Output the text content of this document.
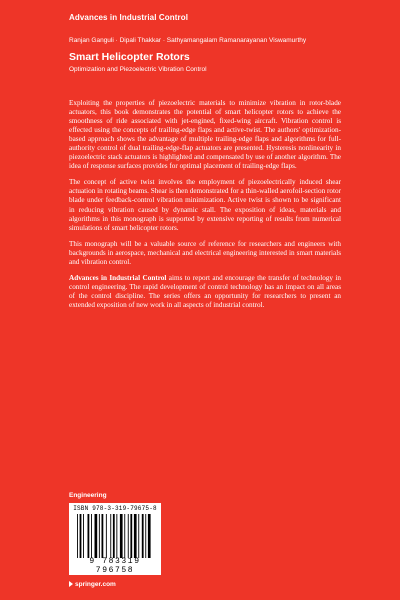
Advances in Industrial Control
Ranjan Ganguli · Dipali Thakkar · Sathyamangalam Ramanarayanan Viswamurthy
Smart Helicopter Rotors
Optimization and Piezoelectric Vibration Control

Exploiting the properties of piezoelectric materials to minimize vibration in rotor-blade actuators, this book demonstrates the potential of smart helicopter rotors to achieve the smoothness of ride associated with jet-engined, fixed-wing aircraft. Vibration control is effected using the concepts of trailing-edge flaps and active-twist. The authors' optimization-based approach shows the advantage of multiple trailing-edge flaps and algorithms for full-authority control of dual trailing-edge-flap actuators are presented. Hysteresis nonlinearity in piezoelectric stack actuators is highlighted and compensated by use of another algorithm. The idea of response surfaces provides for optimal placement of trailing-edge flaps.

The concept of active twist involves the employment of piezoelectrically induced shear actuation in rotating beams. Shear is then demonstrated for a thin-walled aerofoil-section rotor blade under feedback-control vibration minimization. Active twist is shown to be significant in reducing vibration caused by dynamic stall. The exposition of ideas, materials and algorithms in this monograph is supported by extensive reporting of results from numerical simulations of smart helicopter rotors.

This monograph will be a valuable source of reference for researchers and engineers with backgrounds in aerospace, mechanical and electrical engineering interested in smart materials and vibration control.

Advances in Industrial Control aims to report and encourage the transfer of technology in control engineering. The rapid development of control technology has an impact on all areas of the control discipline. The series offers an opportunity for researchers to present an extended exposition of new work in all aspects of industrial control.

Engineering
ISBN 978-3-319-79675-8
9 783319 796758
springer.com
